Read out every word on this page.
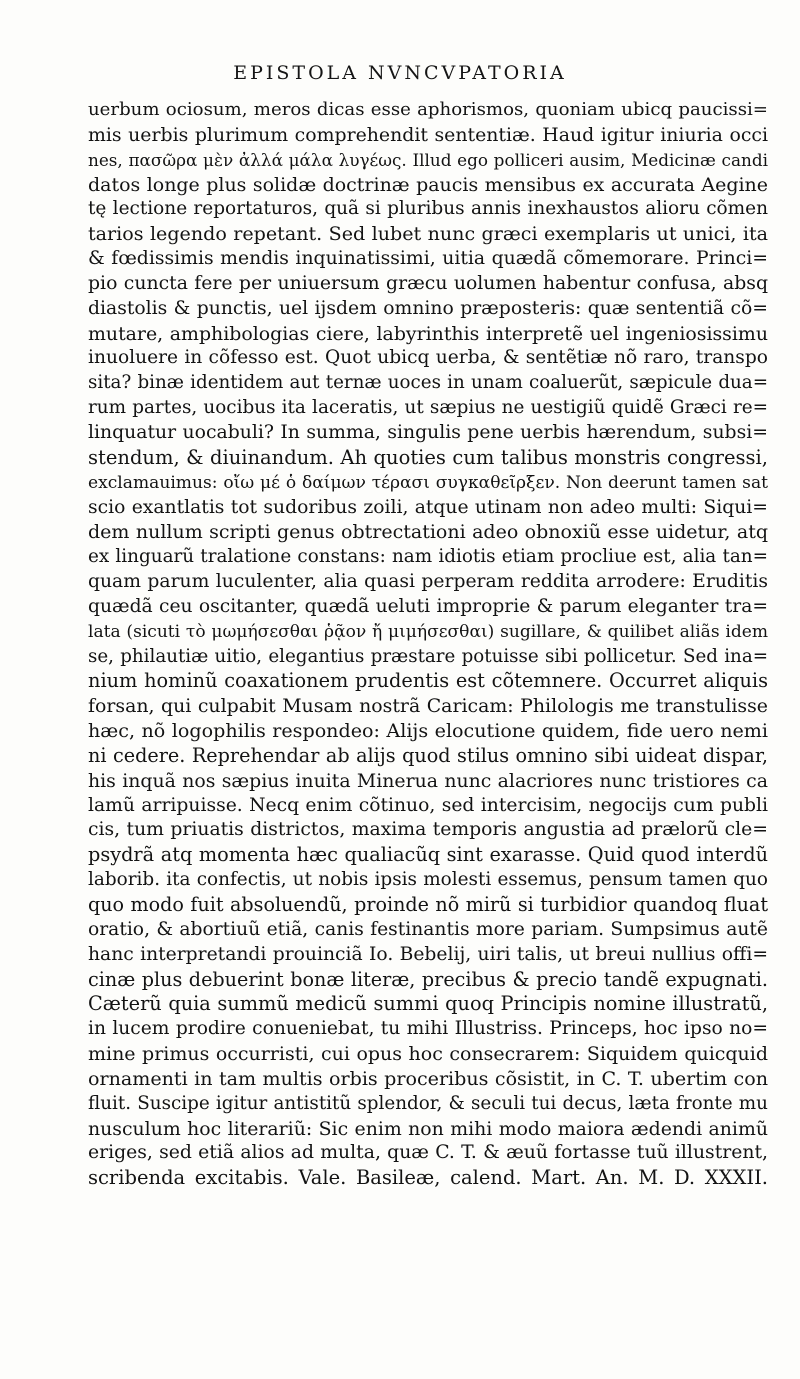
EPISTOLA NVNCVPATORIA
uerbum ociosum, meros dicas esse aphorismos, quoniam ubicq paucissi=
mis uerbis plurimum comprehendit sententiæ. Haud igitur iniuria occi
nes, πασῶρα μὲν ἀλλά μάλα λυγέως. Illud ego polliceri ausim, Medicinæ candi
datos longe plus solidæ doctrinæ paucis mensibus ex accurata Aegine
tę lectione reportaturos, quã si pluribus annis inexhaustos alioru cõmen
tarios legendo repetant. Sed lubet nunc græci exemplaris ut unici, ita
& fœdissimis mendis inquinatissimi, uitia quædã cõmemorare. Princi=
pio cuncta fere per uniuersum græcu uolumen habentur confusa, absq
diastolis & punctis, uel ijsdem omnino præposteris: quæ sententiã cõ=
mutare, amphibologias ciere, labyrinthis interpretẽ uel ingeniosissimu
inuoluere in cõfesso est. Quot ubicq uerba, & sentẽtiæ nõ raro, transpo
sita? binæ identidem aut ternæ uoces in unam coaluerũt, sæpicule dua=
rum partes, uocibus ita laceratis, ut sæpius ne uestigiũ quidẽ Græci re=
linquatur uocabuli? In summa, singulis pene uerbis hærendum, subsi=
stendum, & diuinandum. Ah quoties cum talibus monstris congressi,
exclamauimus: οἴω μέ ὁ δαίμων τέρασι συγκαθεῖρξεν. Non deerunt tamen sat
scio exantlatis tot sudoribus zoili, atque utinam non adeo multi: Siqui=
dem nullum scripti genus obtrectationi adeo obnoxiũ esse uidetur, atq
ex linguarũ tralatione constans: nam idiotis etiam procliue est, alia tan=
quam parum luculenter, alia quasi perperam reddita arrodere: Eruditis
quædã ceu oscitanter, quædã ueluti improprie & parum eleganter tra=
lata (sicuti τὸ μωμήσεσθαι ῥᾷον ἤ μιμήσεσθαι) sugillare, & quilibet aliãs idem
se, philautiæ uitio, elegantius præstare potuisse sibi pollicetur. Sed ina=
nium hominũ coaxationem prudentis est cõtemnere. Occurret aliquis
forsan, qui culpabit Musam nostrã Caricam: Philologis me transtulisse
hæc, nõ logophilis respondeo: Alijs elocutione quidem, fide uero nemi
ni cedere. Reprehendar ab alijs quod stilus omnino sibi uideat dispar,
his inquã nos sæpius inuita Minerua nunc alacriores nunc tristiores ca
lamũ arripuisse. Necq enim cõtinuo, sed intercisim, negocijs cum publi
cis, tum priuatis districtos, maxima temporis angustia ad prælorũ cle=
psydrã atq momenta hæc qualiacũq sint exarasse. Quid quod interdũ
laborib. ita confectis, ut nobis ipsis molesti essemus, pensum tamen quo
quo modo fuit absoluendũ, proinde nõ mirũ si turbidior quandoq fluat
oratio, & abortiuũ etiã, canis festinantis more pariam. Sumpsimus autẽ
hanc interpretandi prouinciã Io. Bebelij, uiri talis, ut breui nullius offi=
cinæ plus debuerint bonæ literæ, precibus & precio tandẽ expugnati.
Cæterũ quia summũ medicũ summi quoq Principis nomine illustratũ,
in lucem prodire conueniebat, tu mihi Illustriss. Princeps, hoc ipso no=
mine primus occurristi, cui opus hoc consecrarem: Siquidem quicquid
ornamenti in tam multis orbis proceribus cõsistit, in C. T. ubertim con
fluit. Suscipe igitur antistitũ splendor, & seculi tui decus, læta fronte mu
nusculum hoc literariũ: Sic enim non mihi modo maiora ædendi animũ
eriges, sed etiã alios ad multa, quæ C. T. & æuũ fortasse tuũ illustrent,
scribenda excitabis. Vale. Basileæ, calend. Mart. An. M. D. XXXII.
